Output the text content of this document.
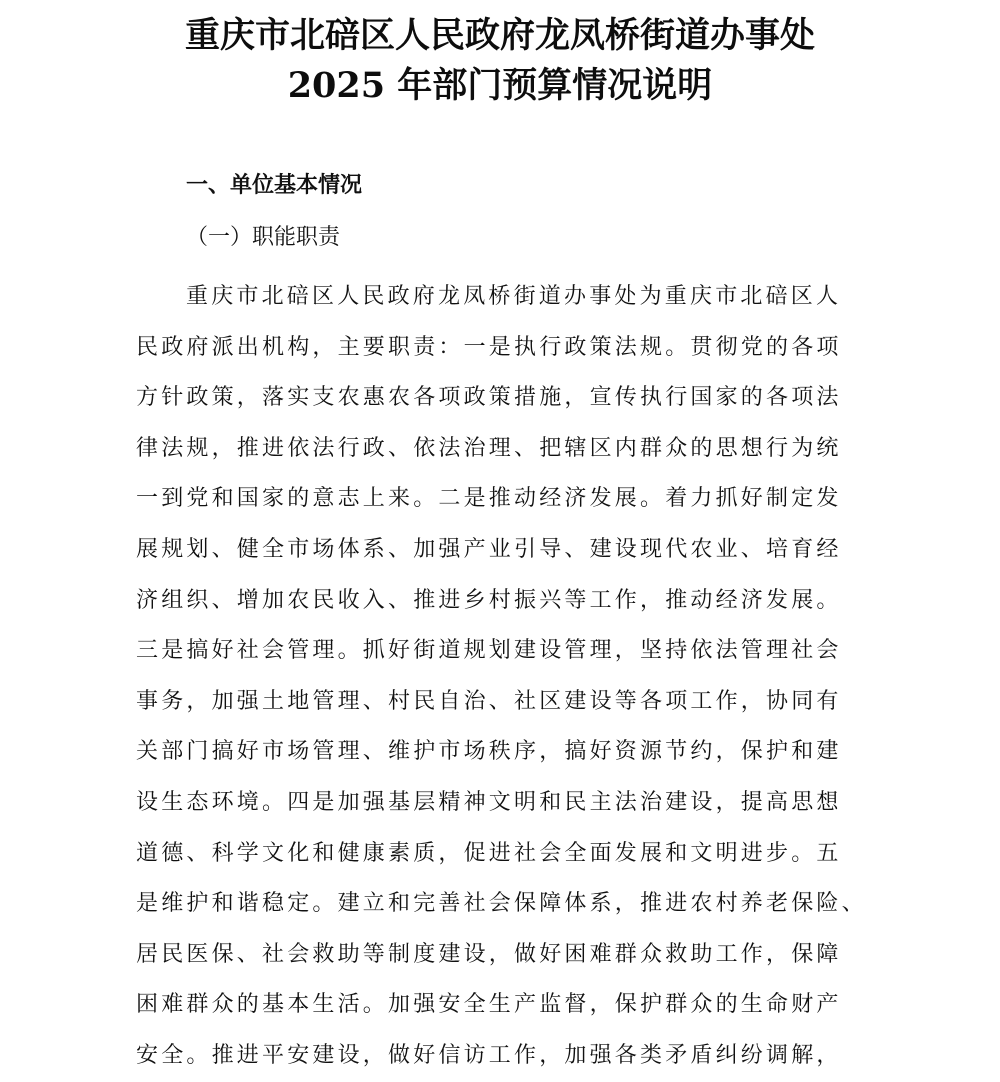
重庆市北碚区人民政府龙凤桥街道办事处
2025 年部门预算情况说明
一、单位基本情况
（一）职能职责
重庆市北碚区人民政府龙凤桥街道办事处为重庆市北碚区人
民政府派出机构，主要职责：一是执行政策法规。贯彻党的各项
方针政策，落实支农惠农各项政策措施，宣传执行国家的各项法
律法规，推进依法行政、依法治理、把辖区内群众的思想行为统
一到党和国家的意志上来。二是推动经济发展。着力抓好制定发
展规划、健全市场体系、加强产业引导、建设现代农业、培育经
济组织、增加农民收入、推进乡村振兴等工作，推动经济发展。
三是搞好社会管理。抓好街道规划建设管理，坚持依法管理社会
事务，加强土地管理、村民自治、社区建设等各项工作，协同有
关部门搞好市场管理、维护市场秩序，搞好资源节约，保护和建
设生态环境。四是加强基层精神文明和民主法治建设，提高思想
道德、科学文化和健康素质，促进社会全面发展和文明进步。五
是维护和谐稳定。建立和完善社会保障体系，推进农村养老保险、
居民医保、社会救助等制度建设，做好困难群众救助工作，保障
困难群众的基本生活。加强安全生产监督，保护群众的生命财产
安全。推进平安建设，做好信访工作，加强各类矛盾纠纷调解，
